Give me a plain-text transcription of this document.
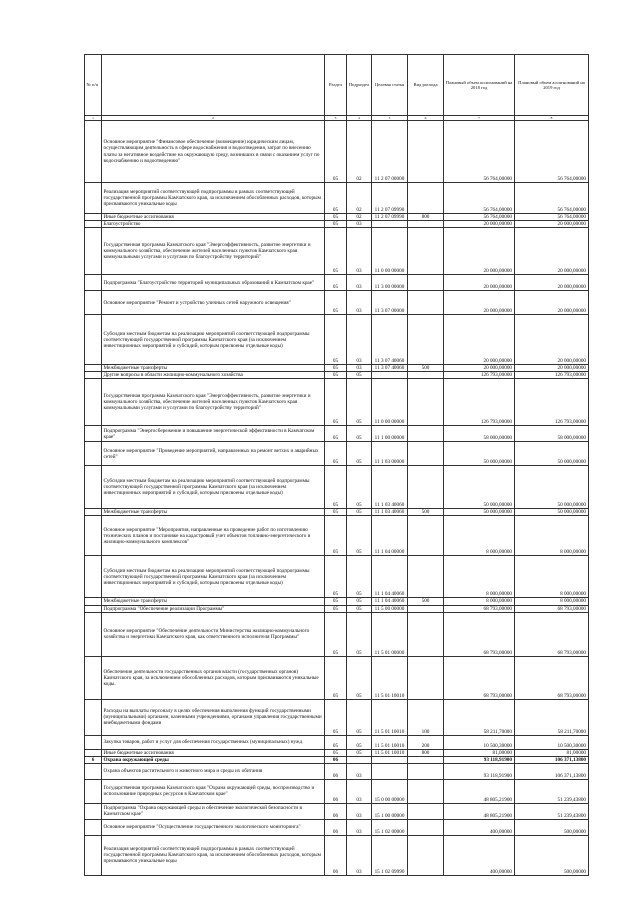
№ п/п		Раздел	Подраздел	Целевая статья	Вид расхода	Плановый объем ассигнований на 2018 год	Плановый объем ассигнований на 2019 год
1	2	3	4	5	6	7	8
	Основное мероприятие "Финансовое обеспечение (возмещение) юридическим лицам, осуществляющим деятельность в сфере водоснабжения и водоотведения, затрат по внесению платы за негативное воздействие на окружающую среду, возникших в связи с оказанием услуг по водоснабжению и водоотведению"	05	02	11 2 07 00000		56 764,00000	56 764,00000
	Реализация мероприятий соответствующей подпрограммы в рамках соответствующей государственной программы Камчатского края, за исключением обособленных расходов, которым присваиваются уникальные коды	05	02	11 2 07 09990		56 764,00000	56 764,00000
	Иные бюджетные ассигнования	05	02	11 2 07 09990	800	56 764,00000	56 764,00000
	Благоустройство	05	03			20 000,00000	20 000,00000
	Государственная программа Камчатского края "Энергоэффективность, развитие энергетики и коммунального хозяйства, обеспечение жителей населенных пунктов Камчатского края коммунальными услугами и услугами по благоустройству территорий"	05	03	11 0 00 00000		20 000,00000	20 000,00000
	Подпрограмма "Благоустройство территорий муниципальных образований в Камчатском крае"	05	03	11 3 00 00000		20 000,00000	20 000,00000
	Основное мероприятие "Ремонт и устройство уличных сетей наружного освещения"	05	03	11 3 07 00000		20 000,00000	20 000,00000
	Субсидии местным бюджетам на реализацию мероприятий соответствующей подпрограммы соответствующей государственной программы Камчатского края (за исключением инвестиционных мероприятий и субсидий, которым присвоены отдельные коды)	05	03	11 3 07 40060		20 000,00000	20 000,00000
	Межбюджетные трансферты	05	03	11 3 07 40060	500	20 000,00000	20 000,00000
	Другие вопросы в области жилищно-коммунального хозяйства	05	05			126 793,00000	126 793,00000
	Государственная программа Камчатского края "Энергоэффективность, развитие энергетики и коммунального хозяйства, обеспечение жителей населенных пунктов Камчатского края коммунальными услугами и услугами по благоустройству территорий"	05	05	11 0 00 00000		126 793,00000	126 793,00000
	Подпрограмма "Энергосбережение и повышение энергетической эффективности в Камчатском крае"	05	05	11 1 00 00000		58 000,00000	58 000,00000
	Основное мероприятие "Проведение мероприятий, направленных на ремонт ветхих и аварийных сетей"	05	05	11 1 03 00000		50 000,00000	50 000,00000
	Субсидии местным бюджетам на реализацию мероприятий соответствующей подпрограммы соответствующей государственной программы Камчатского края (за исключением инвестиционных мероприятий и субсидий, которым присвоены отдельные коды)	05	05	11 1 03 40060		50 000,00000	50 000,00000
	Межбюджетные трансферты	05	05	11 1 03 40060	500	50 000,00000	50 000,00000
	Основное мероприятие "Мероприятия, направленные на проведение работ по изготовлению технических планов и постановке на кадастровый учет объектов топливно-энергетического и жилищно-коммунального комплексов"	05	05	11 1 04 00000		8 000,00000	8 000,00000
	Субсидии местным бюджетам на реализацию мероприятий соответствующей подпрограммы соответствующей государственной программы Камчатского края (за исключением инвестиционных мероприятий и субсидий, которым присвоены отдельные коды)	05	05	11 1 04 40060		8 000,00000	8 000,00000
	Межбюджетные трансферты	05	05	11 1 04 40060	500	8 000,00000	8 000,00000
	Подпрограмма "Обеспечение реализации Программы"	05	05	11 5 00 00000		68 793,00000	68 793,00000
	Основное мероприятие "Обеспечение деятельности Министерства жилищно-коммунального хозяйства и энергетики Камчатского края, как ответственного исполнителя Программы"	05	05	11 5 01 00000		68 793,00000	68 793,00000
	Обеспечение деятельности государственных органов власти (государственных органов) Камчатского края, за исключением обособленных расходов, которым присваиваются уникальные коды.	05	05	11 5 01 10010		68 793,00000	68 793,00000
	Расходы на выплаты персоналу в целях обеспечения выполнения функций государственными (муниципальными) органами, казенными учреждениями, органами управления государственными внебюджетными фондами	05	05	11 5 01 10010	100	58 211,70000	58 211,70000
	Закупка товаров, работ и услуг для обеспечения государственных (муниципальных) нужд	05	05	11 5 01 10010	200	10 500,30000	10 500,30000
	Иные бюджетные ассигнования	05	05	11 5 01 10010	800	81,00000	81,00000
6	Охрана окружающей среды	06				93 118,91900	106 371,13800
	Охрана объектов растительного и животного мира и среды их обитания	06	03			93 118,91900	106 371,13800
	Государственная программа Камчатского края "Охрана окружающей среды, воспроизводство и использование природных ресурсов в Камчатском крае"	06	03	15 0 00 00000		48 805,21900	51 239,43800
	Подпрограмма "Охрана окружающей среды и обеспечение экологической безопасности в Камчатском крае"	06	03	15 1 00 00000		48 805,21900	51 239,43800
	Основное мероприятие "Осуществление государственного экологического мониторинга"	06	03	15 1 02 00000		400,00000	500,00000
	Реализация мероприятий соответствующей подпрограммы в рамках соответствующей государственной программы Камчатского края, за исключением обособленных расходов, которым присваиваются уникальные коды	06	03	15 1 02 09990		400,00000	500,00000
